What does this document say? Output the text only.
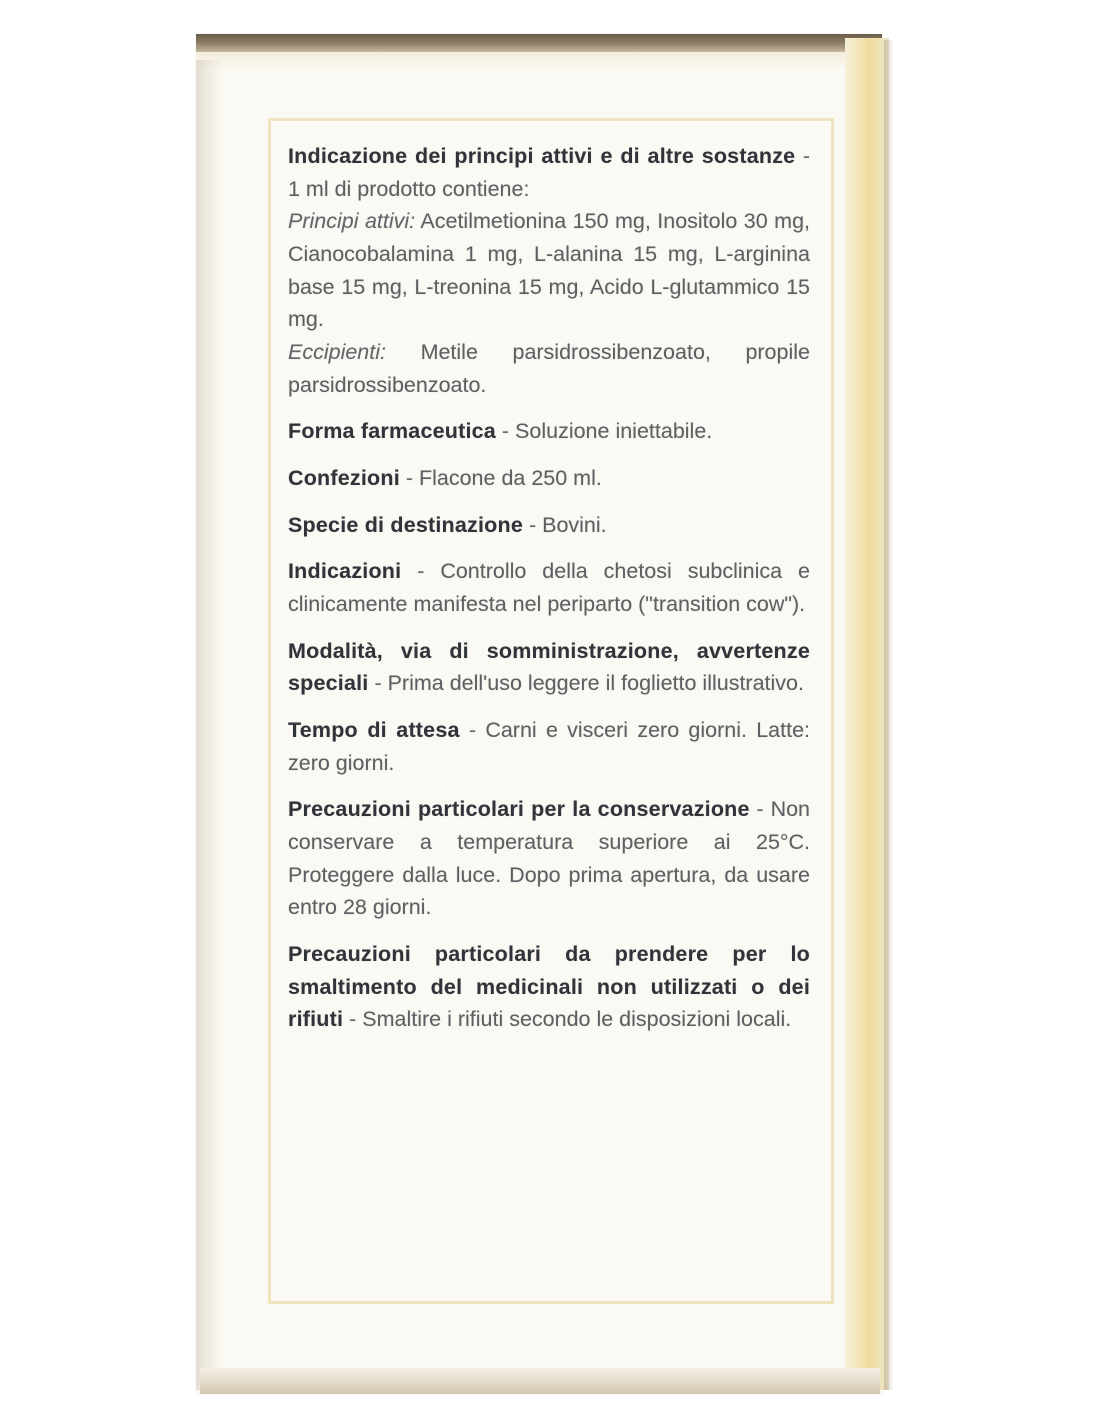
Indicazione dei principi attivi e di altre sostanze - 1 ml di prodotto contiene:
Principi attivi: Acetilmetionina 150 mg, Inositolo 30 mg, Cianocobalamina 1 mg, L-alanina 15 mg, L-arginina base 15 mg, L-treonina 15 mg, Acido L-glutammico 15 mg.
Eccipienti: Metile parsidrossibenzoato, propile parsidrossibenzoato.

Forma farmaceutica - Soluzione iniettabile.

Confezioni - Flacone da 250 ml.

Specie di destinazione - Bovini.

Indicazioni - Controllo della chetosi subclinica e clinicamente manifesta nel periparto ("transition cow").

Modalità, via di somministrazione, avvertenze speciali - Prima dell'uso leggere il foglietto illustrativo.

Tempo di attesa - Carni e visceri zero giorni. Latte: zero giorni.

Precauzioni particolari per la conservazione - Non conservare a temperatura superiore ai 25°C. Proteggere dalla luce. Dopo prima apertura, da usare entro 28 giorni.

Precauzioni particolari da prendere per lo smaltimento del medicinali non utilizzati o dei rifiuti - Smaltire i rifiuti secondo le disposizioni locali.
